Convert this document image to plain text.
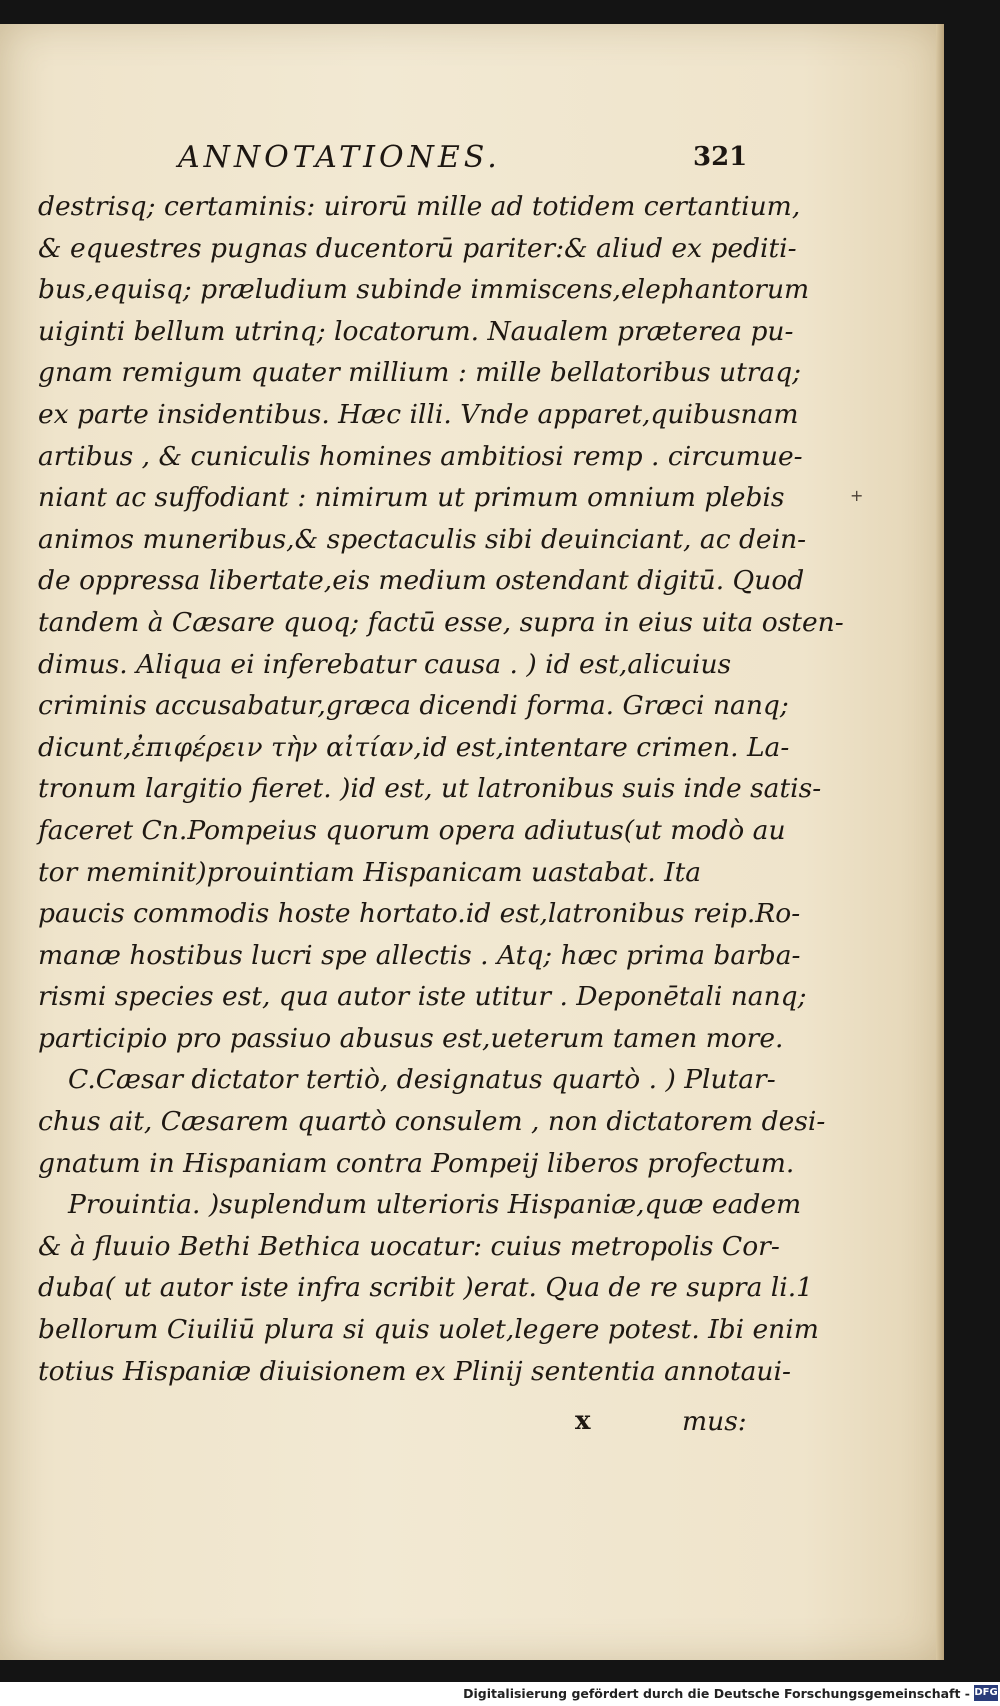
ANNOTATIONES.	321
destrisq; certaminis: uirorū mille ad totidem certantium,
& equestres pugnas ducentorū pariter:& aliud ex pediti-
bus,equisq; præludium subinde immiscens,elephantorum
uiginti bellum utrinq; locatorum. Naualem præterea pu-
gnam remigum quater millium : mille bellatoribus utraq;
ex parte insidentibus. Hæc illi. Vnde apparet,quibusnam
artibus , & cuniculis homines ambitiosi remp . circumue-
niant ac suffodiant : nimirum ut primum omnium plebis
animos muneribus,& spectaculis sibi deuinciant, ac dein-
de oppressa libertate,eis medium ostendant digitū. Quod
tandem à Cæsare quoq; factū esse, supra in eius uita osten-
dimus. Aliqua ei inferebatur causa . ) id est,alicuius
criminis accusabatur,græca dicendi forma. Græci nanq;
dicunt,ἐπιφέρειν τὴν αἰτίαν,id est,intentare crimen. La-
tronum largitio fieret. )id est, ut latronibus suis inde satis-
faceret Cn.Pompeius quorum opera adiutus(ut modò au
tor meminit)prouintiam Hispanicam uastabat. Ita
paucis commodis hoste hortato.id est,latronibus reip.Ro-
manæ hostibus lucri spe allectis . Atq; hæc prima barba-
rismi species est, qua autor iste utitur . Deponētali nanq;
participio pro passiuo abusus est,ueterum tamen more.
C.Cæsar dictator tertiò, designatus quartò . ) Plutar-
chus ait, Cæsarem quartò consulem , non dictatorem desi-
gnatum in Hispaniam contra Pompeij liberos profectum.
Prouintia. )suplendum ulterioris Hispaniæ,quæ eadem
& à fluuio Bethi Bethica uocatur: cuius metropolis Cor-
duba( ut autor iste infra scribit )erat. Qua de re supra li.1
bellorum Ciuiliū plura si quis uolet,legere potest. Ibi enim
totius Hispaniæ diuisionem ex Plinij sententia annotaui-
+
x	mus:
Digitalisierung gefördert durch die Deutsche Forschungsgemeinschaft - DFG
